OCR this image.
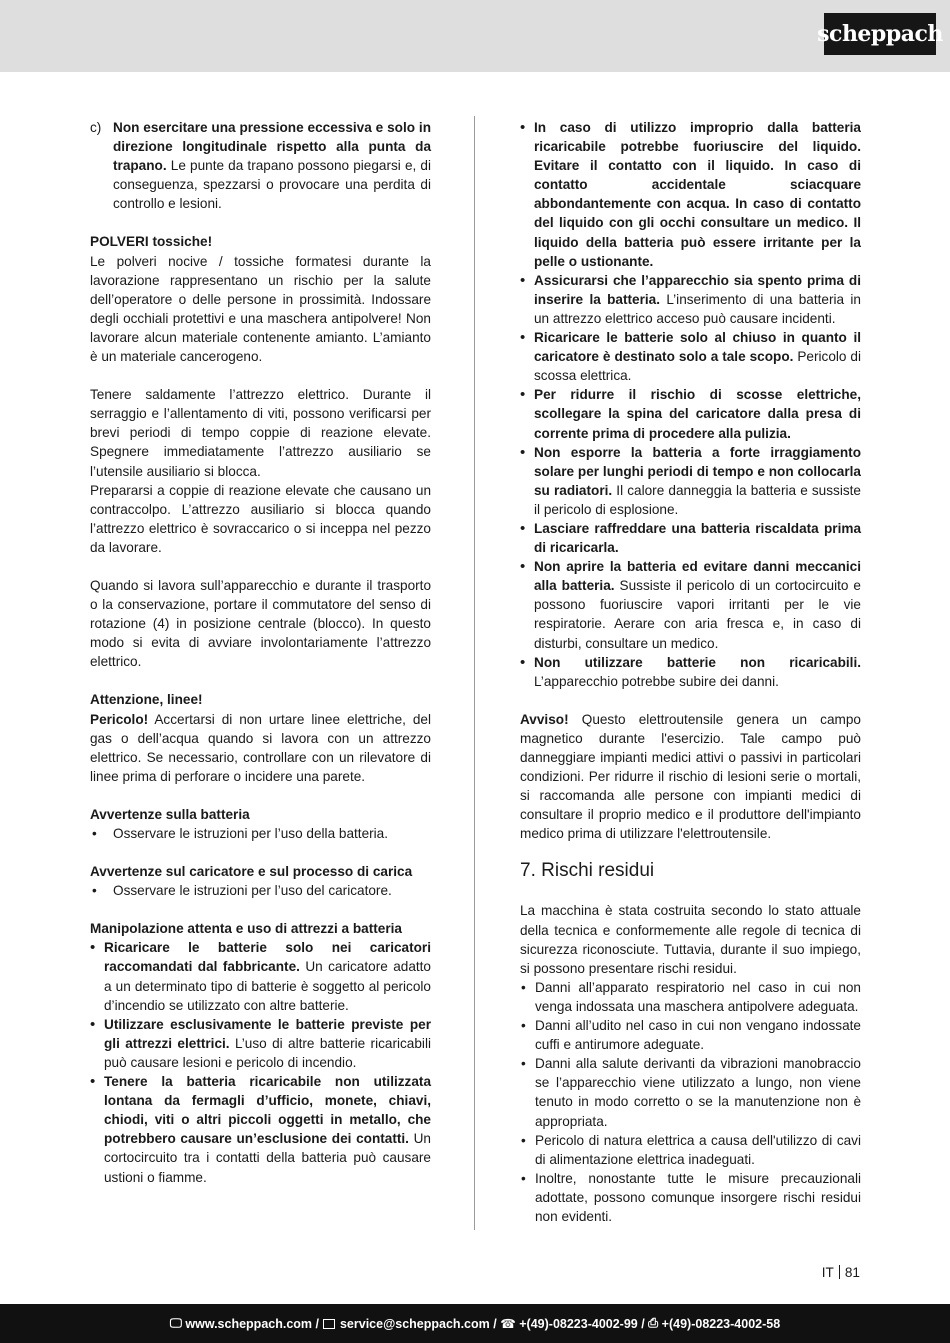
scheppach
c) Non esercitare una pressione eccessiva e solo in direzione longitudinale rispetto alla punta da trapano. Le punte da trapano possono piegarsi e, di conseguenza, spezzarsi o provocare una perdita di controllo e lesioni.

POLVERI tossiche!

Le polveri nocive / tossiche formatesi durante la lavorazione rappresentano un rischio per la salute dell’operatore o delle persone in prossimità. Indossare degli occhiali protettivi e una maschera antipolvere! Non lavorare alcun materiale contenente amianto. L’amianto è un materiale cancerogeno.

Tenere saldamente l’attrezzo elettrico. Durante il serraggio e l’allentamento di viti, possono verificarsi per brevi periodi di tempo coppie di reazione elevate. Spegnere immediatamente l’attrezzo ausiliario se l’utensile ausiliario si blocca.

Prepararsi a coppie di reazione elevate che causano un contraccolpo. L’attrezzo ausiliario si blocca quando l’attrezzo elettrico è sovraccarico o si inceppa nel pezzo da lavorare.

Quando si lavora sull’apparecchio e durante il trasporto o la conservazione, portare il commutatore del senso di rotazione (4) in posizione centrale (blocco). In questo modo si evita di avviare involontariamente l’attrezzo elettrico.

Attenzione, linee!

Pericolo! Accertarsi di non urtare linee elettriche, del gas o dell’acqua quando si lavora con un attrezzo elettrico. Se necessario, controllare con un rilevatore di linee prima di perforare o incidere una parete.

Avvertenze sulla batteria

• Osservare le istruzioni per l’uso della batteria.

Avvertenze sul caricatore e sul processo di carica

• Osservare le istruzioni per l’uso del caricatore.

Manipolazione attenta e uso di attrezzi a batteria

• Ricaricare le batterie solo nei caricatori raccomandati dal fabbricante. Un caricatore adatto a un determinato tipo di batterie è soggetto al pericolo d’incendio se utilizzato con altre batterie.
• Utilizzare esclusivamente le batterie previste per gli attrezzi elettrici. L’uso di altre batterie ricaricabili può causare lesioni e pericolo di incendio.
• Tenere la batteria ricaricabile non utilizzata lontana da fermagli d’ufficio, monete, chiavi, chiodi, viti o altri piccoli oggetti in metallo, che potrebbero causare un’esclusione dei contatti. Un cortocircuito tra i contatti della batteria può causare ustioni o fiamme.
• In caso di utilizzo improprio dalla batteria ricaricabile potrebbe fuoriuscire del liquido. Evitare il contatto con il liquido. In caso di contatto accidentale sciacquare abbondantemente con acqua. In caso di contatto del liquido con gli occhi consultare un medico. Il liquido della batteria può essere irritante per la pelle o ustionante.
• Assicurarsi che l’apparecchio sia spento prima di inserire la batteria. L’inserimento di una batteria in un attrezzo elettrico acceso può causare incidenti.
• Ricaricare le batterie solo al chiuso in quanto il caricatore è destinato solo a tale scopo. Pericolo di scossa elettrica.
• Per ridurre il rischio di scosse elettriche, scollegare la spina del caricatore dalla presa di corrente prima di procedere alla pulizia.
• Non esporre la batteria a forte irraggiamento solare per lunghi periodi di tempo e non collocarla su radiatori. Il calore danneggia la batteria e sussiste il pericolo di esplosione.
• Lasciare raffreddare una batteria riscaldata prima di ricaricarla.
• Non aprire la batteria ed evitare danni meccanici alla batteria. Sussiste il pericolo di un cortocircuito e possono fuoriuscire vapori irritanti per le vie respiratorie. Aerare con aria fresca e, in caso di disturbi, consultare un medico.
• Non utilizzare batterie non ricaricabili. L’apparecchio potrebbe subire dei danni.

Avviso! Questo elettroutensile genera un campo magnetico durante l'esercizio. Tale campo può danneggiare impianti medici attivi o passivi in particolari condizioni. Per ridurre il rischio di lesioni serie o mortali, si raccomanda alle persone con impianti medici di consultare il proprio medico e il produttore dell'impianto medico prima di utilizzare l'elettroutensile.

7. Rischi residui

La macchina è stata costruita secondo lo stato attuale della tecnica e conformemente alle regole di tecnica di sicurezza riconosciute. Tuttavia, durante il suo impiego, si possono presentare rischi residui.

• Danni all’apparato respiratorio nel caso in cui non venga indossata una maschera antipolvere adeguata.
• Danni all’udito nel caso in cui non vengano indossate cuffi e antirumore adeguate.
• Danni alla salute derivanti da vibrazioni manobraccio se l’apparecchio viene utilizzato a lungo, non viene tenuto in modo corretto o se la manutenzione non è appropriata.
• Pericolo di natura elettrica a causa dell'utilizzo di cavi di alimentazione elettrica inadeguati.
• Inoltre, nonostante tutte le misure precauzionali adottate, possono comunque insorgere rischi residui non evidenti.
IT 81
🖵︎
www.scheppach.com / service@scheppach.com /
☎
+(49)-08223-4002-99 /
⎙
+(49)-08223-4002-58
